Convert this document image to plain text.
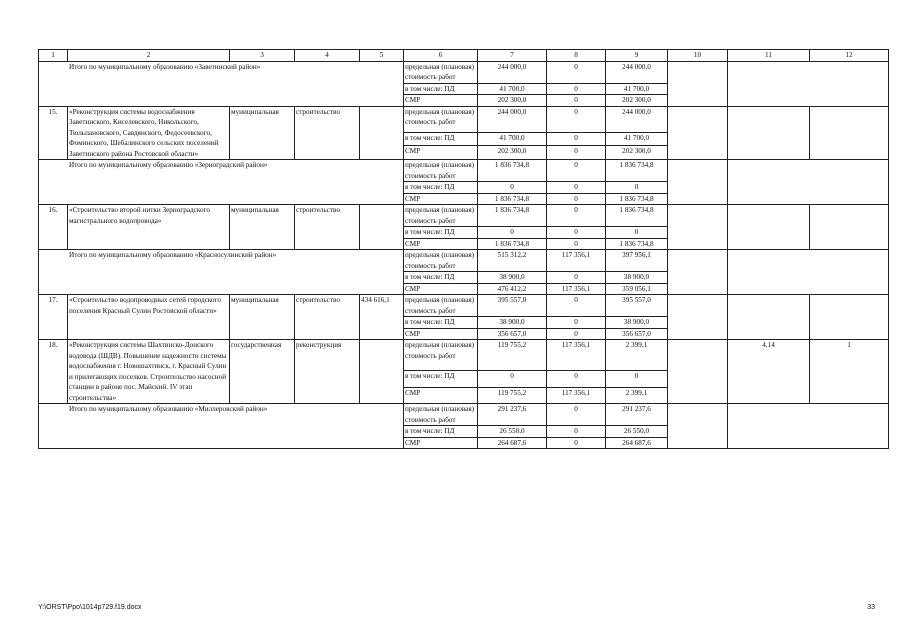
1	2	3	4	5	6	7	8	9	10	11	12
Итого по муниципальному образованию «Заветинский район»					предельная (плановая) стоимость работ	244 000,0	0	244 000,0			
					в том числе: ПД	41 700,0	0	41 700,0			
					СМР	202 300,0	0	202 300,0			
15.	«Реконструкция системы водоснабжения Заветинского, Киселевского, Никольского, Тюльпановского, Савдянского, Федосеевского, Фоминского, Шебалинского сельских поселений Заветинского района Ростовской области»	муниципальная	строительство		предельная (плановая) стоимость работ	244 000,0	0	244 000,0			
					в том числе: ПД	41 700,0	0	41 700,0			
					СМР	202 300,0	0	202 300,0			
Итого по муниципальному образованию «Зерноградский район»					предельная (плановая) стоимость работ	1 836 734,8	0	1 836 734,8			
					в том числе: ПД	0	0	0			
					СМР	1 836 734,8	0	1 836 734,8			
16.	«Строительство второй нитки Зерноградского магистрального водопровода»	муниципальная	строительство		предельная (плановая) стоимость работ	1 836 734,8	0	1 836 734,8			
					в том числе: ПД	0	0	0			
					СМР	1 836 734,8	0	1 836 734,8			
Итого по муниципальному образованию «Красносулинский район»					предельная (плановая) стоимость работ	515 312,2	117 356,1	397 956,1			
					в том числе: ПД	38 900,0	0	38 900,0			
					СМР	476 412,2	117 356,1	359 056,1			
17.	«Строительство водопроводных сетей городского поселения Красный Сулин Ростовской области»	муниципальная	строительство	434 616,1	предельная (плановая) стоимость работ	395 557,0	0	395 557,0			
					в том числе: ПД	38 900,0	0	38 900,0			
					СМР	356 657,0	0	356 657,0			
18.	«Реконструкция системы Шахтинско-Донского водовода (ШДВ). Повышение надежности системы водоснабжения г. Новошахтинск, г. Красный Сулин и прилегающих поселков. Строительство насосной станции в районе пос. Майский. IV этап строительства»	государственная	реконструкция		предельная (плановая) стоимость работ	119 755,2	117 356,1	2 399,1		4,14	1
					в том числе: ПД	0	0	0			
					СМР	119 755,2	117 356,1	2 399,1			
Итого по муниципальному образованию «Миллеровский район»					предельная (плановая) стоимость работ	291 237,6	0	291 237,6			
					в том числе: ПД	26 550,0	0	26 550,0			
					СМР	264 687,6	0	264 687,6			
Y:\ORST\Ppo\1014p729.f19.docx	33
